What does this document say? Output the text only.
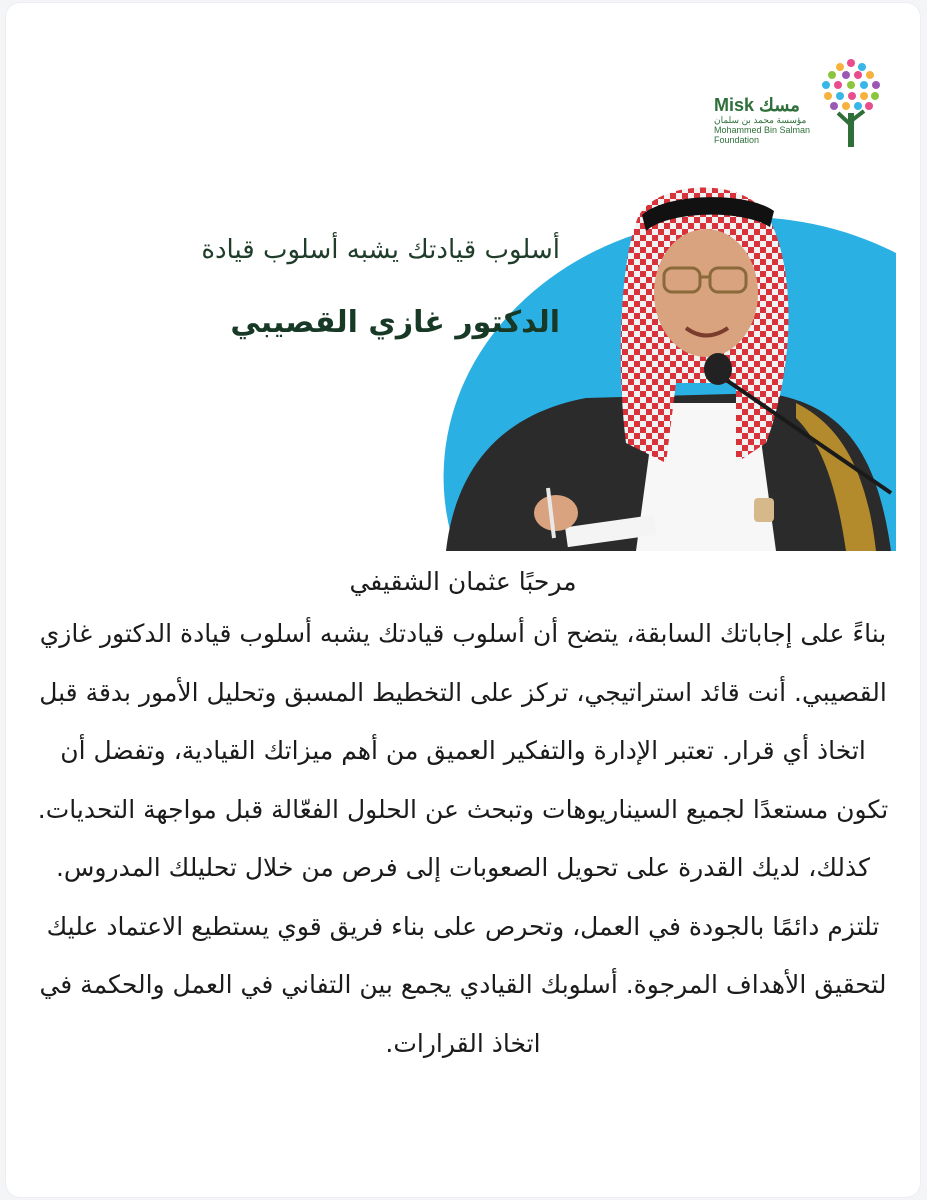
Misk مسك
مؤسسة محمد بن سلمان
Mohammed Bin Salman
Foundation
أسلوب قيادتك يشبه أسلوب قيادة
الدكتور غازي القصيبي

مرحبًا عثمان الشقيفي

بناءً على إجاباتك السابقة، يتضح أن أسلوب قيادتك يشبه أسلوب قيادة الدكتور غازي القصيبي. أنت قائد استراتيجي، تركز على التخطيط المسبق وتحليل الأمور بدقة قبل اتخاذ أي قرار. تعتبر الإدارة والتفكير العميق من أهم ميزاتك القيادية، وتفضل أن تكون مستعدًا لجميع السيناريوهات وتبحث عن الحلول الفعّالة قبل مواجهة التحديات. كذلك، لديك القدرة على تحويل الصعوبات إلى فرص من خلال تحليلك المدروس. تلتزم دائمًا بالجودة في العمل، وتحرص على بناء فريق قوي يستطيع الاعتماد عليك لتحقيق الأهداف المرجوة. أسلوبك القيادي يجمع بين التفاني في العمل والحكمة في اتخاذ القرارات.
